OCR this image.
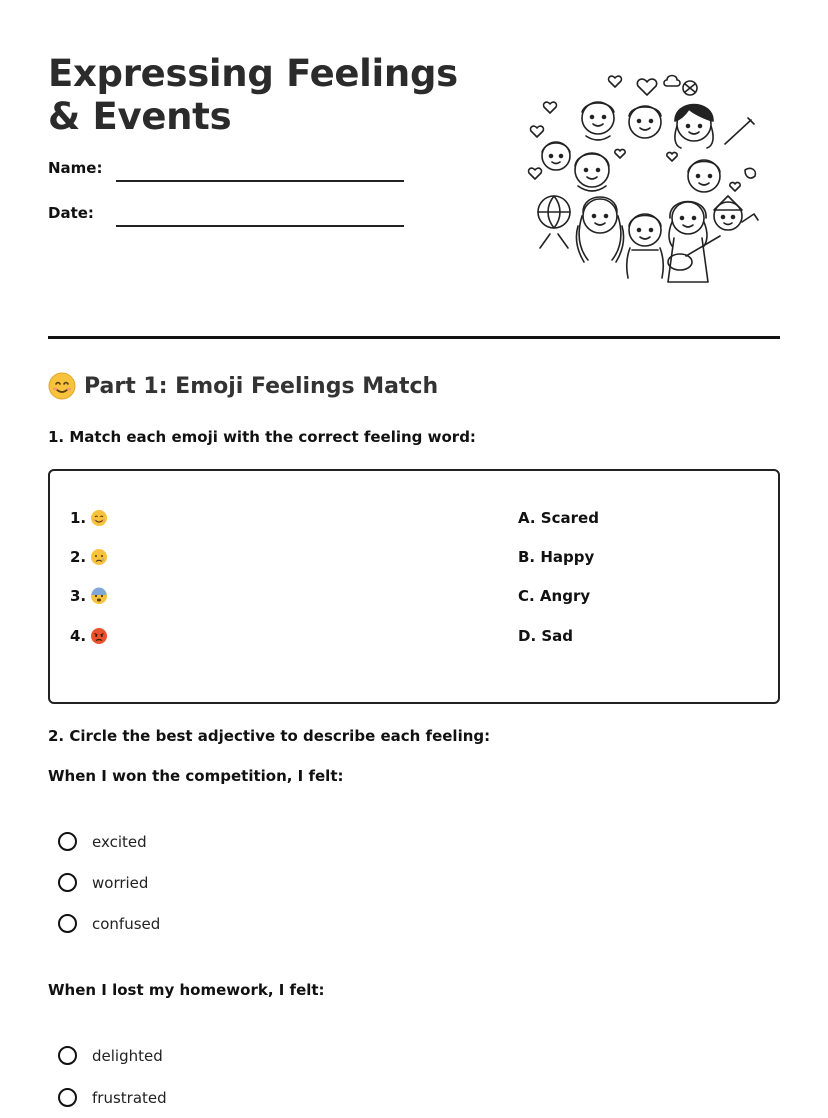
Expressing Feelings & Events
Name:
Date:
Part 1: Emoji Feelings Match
1. Match each emoji with the correct feeling word:
1.
2.
3.
4.
A. Scared
B. Happy
C. Angry
D. Sad
2. Circle the best adjective to describe each feeling:
When I won the competition, I felt:
excited
worried
confused
When I lost my homework, I felt:
delighted
frustrated
